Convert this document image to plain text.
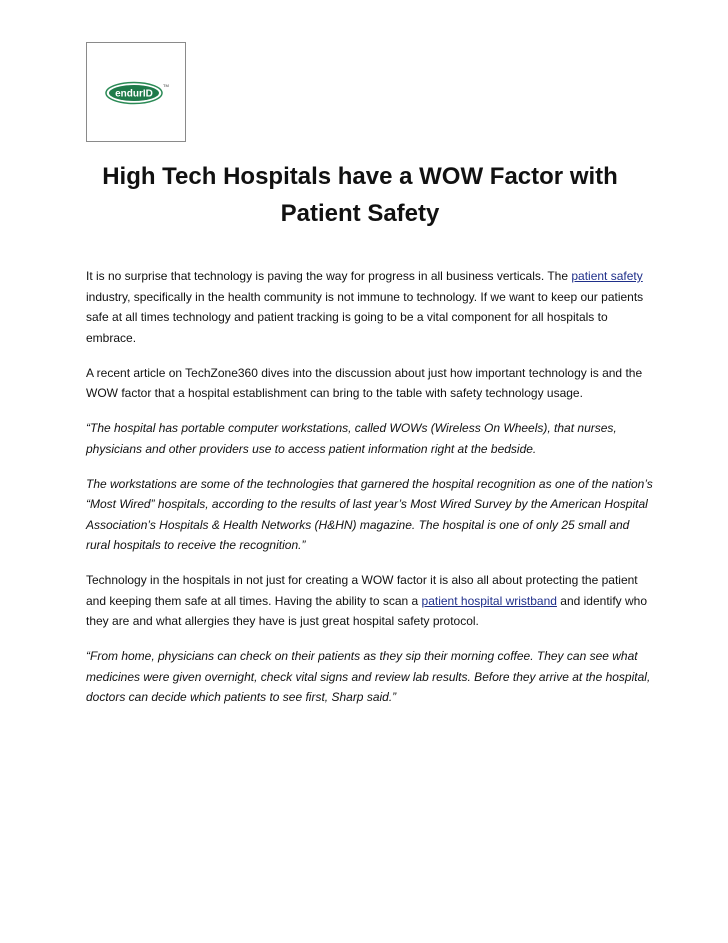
endurID
TM
High Tech Hospitals have a WOW Factor with Patient Safety

It is no surprise that technology is paving the way for progress in all business verticals. The patient safety industry, specifically in the health community is not immune to technology. If we want to keep our patients safe at all times technology and patient tracking is going to be a vital component for all hospitals to embrace.

A recent article on TechZone360 dives into the discussion about just how important technology is and the WOW factor that a hospital establishment can bring to the table with safety technology usage.

“The hospital has portable computer workstations, called WOWs (Wireless On Wheels), that nurses, physicians and other providers use to access patient information right at the bedside.

The workstations are some of the technologies that garnered the hospital recognition as one of the nation’s “Most Wired” hospitals, according to the results of last year’s Most Wired Survey by the American Hospital Association’s Hospitals & Health Networks (H&HN) magazine. The hospital is one of only 25 small and rural hospitals to receive the recognition.”

Technology in the hospitals in not just for creating a WOW factor it is also all about protecting the patient and keeping them safe at all times. Having the ability to scan a patient hospital wristband and identify who they are and what allergies they have is just great hospital safety protocol.

“From home, physicians can check on their patients as they sip their morning coffee. They can see what medicines were given overnight, check vital signs and review lab results. Before they arrive at the hospital, doctors can decide which patients to see first, Sharp said.”
